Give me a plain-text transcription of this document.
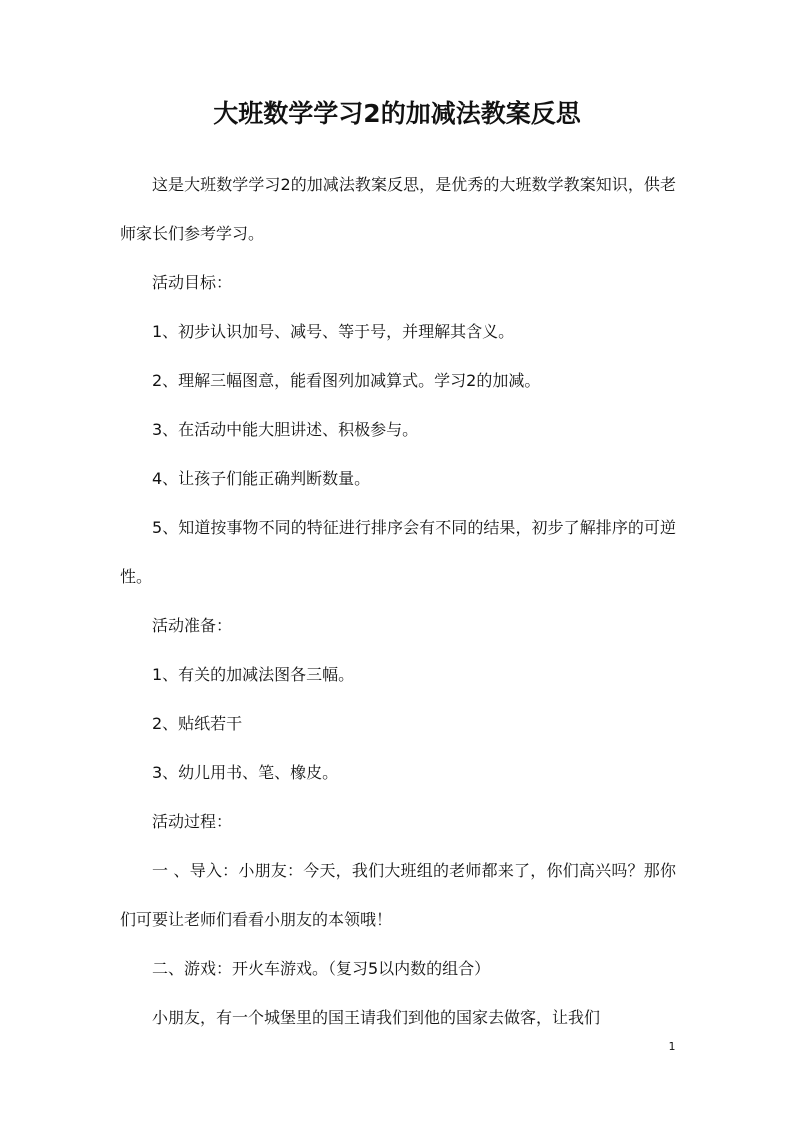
大班数学学习2的加减法教案反思

这是大班数学学习2的加减法教案反思，是优秀的大班数学教案知识，供老师家长们参考学习。

活动目标：

1、初步认识加号、减号、等于号，并理解其含义。

2、理解三幅图意，能看图列加减算式。学习2的加减。

3、在活动中能大胆讲述、积极参与。

4、让孩子们能正确判断数量。

5、知道按事物不同的特征进行排序会有不同的结果，初步了解排序的可逆性。

活动准备：

1、有关的加减法图各三幅。

2、贴纸若干

3、幼儿用书、笔、橡皮。

活动过程：

一 、导入：小朋友：今天，我们大班组的老师都来了，你们高兴吗？那你们可要让老师们看看小朋友的本领哦！

二、游戏：开火车游戏。（复习5以内数的组合）

小朋友，有一个城堡里的国王请我们到他的国家去做客，让我们

1
